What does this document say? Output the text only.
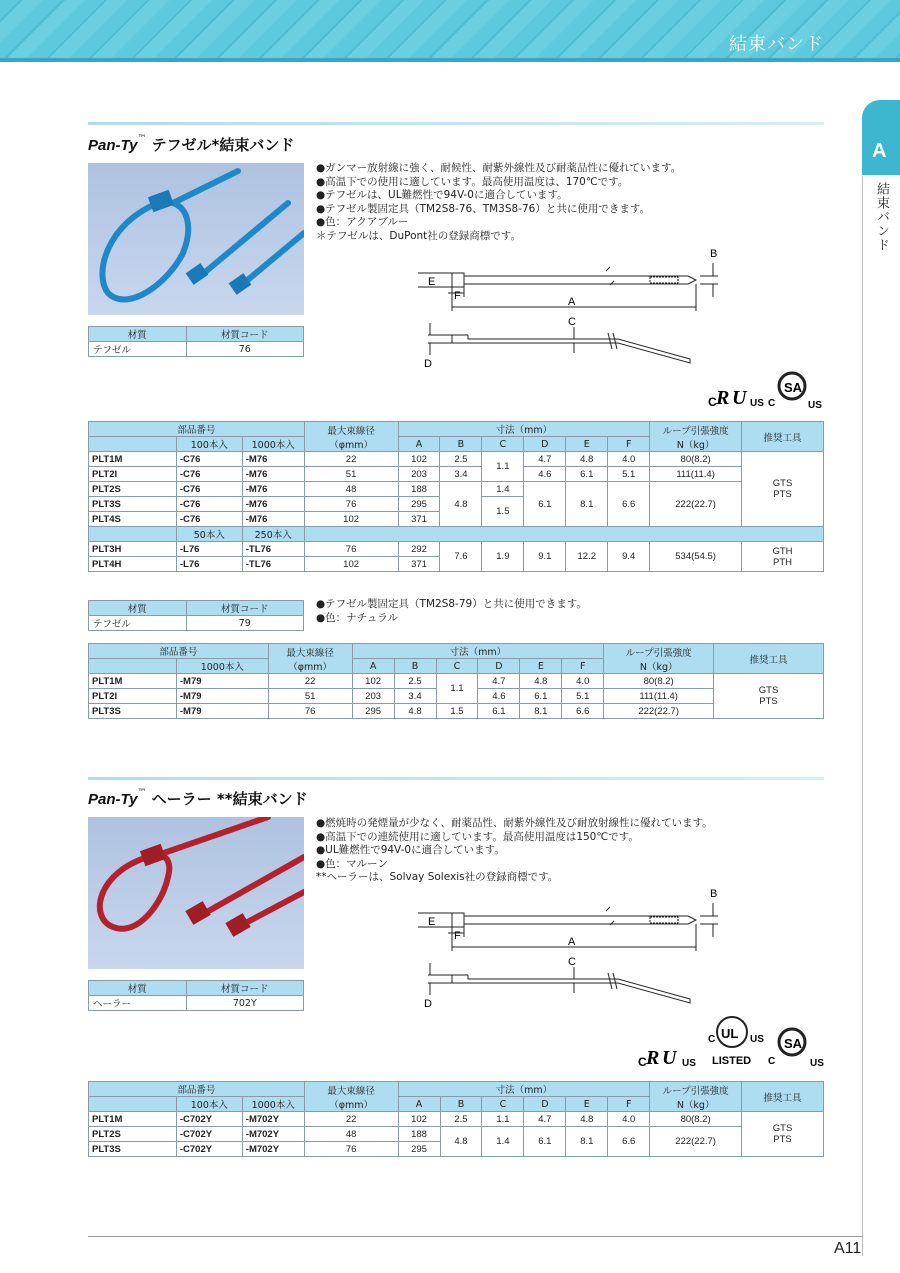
結束バンド
A
結束バンド
Pan-Ty™ テフゼル*結束バンド
●ガンマー放射線に強く、耐候性、耐紫外線性及び耐薬品性に優れています。
●高温下での使用に適しています。最高使用温度は、170℃です。
●テフゼルは、UL難燃性で94V-0に適合しています。
●テフゼル製固定具（TM2S8-76、TM3S8-76）と共に使用できます。
●色：アクアブルー
＊テフゼルは、DuPont社の登録商標です。
E
F
B
A
C
D
C R U US
SA
C	US
材質	材質コード
テフゼル	76
部品番号			最大束線径
（φmm）	寸法（mm）						ループ引張強度
N（kg）	推奨工具
	100本入	1000本入		A	B	C	D	E	F		
PLT1M	-C76	-M76	22	102	2.5	1.1	4.7	4.8	4.0	80(8.2)	GTS
PTS
PLT2I	-C76	-M76	51	203	3.4		4.6	6.1	5.1	111(11.4)	
PLT2S	-C76	-M76	48	188	4.8	1.4	6.1	8.1	6.6	222(22.7)	
PLT3S	-C76	-M76	76	295		1.5					
PLT4S	-C76	-M76	102	371							
	50本入	250本入									
PLT3H	-L76	-TL76	76	292	7.6	1.9	9.1	12.2	9.4	534(54.5)	GTH
PTH
PLT4H	-L76	-TL76	102	371							
材質	材質コード
テフゼル	79
●テフゼル製固定具（TM2S8-79）と共に使用できます。
●色：ナチュラル
部品番号		最大束線径
（φmm）	寸法（mm）						ループ引張強度
N（kg）	推奨工具
	1000本入		A	B	C	D	E	F		
PLT1M	-M79	22	102	2.5	1.1	4.7	4.8	4.0	80(8.2)	GTS
PTS
PLT2I	-M79	51	203	3.4		4.6	6.1	5.1	111(11.4)	
PLT3S	-M79	76	295	4.8	1.5	6.1	8.1	6.6	222(22.7)	
Pan-Ty™ ヘーラー **結束バンド
●燃焼時の発煙量が少なく、耐薬品性、耐紫外線性及び耐放射線性に優れています。
●高温下での連続使用に適しています。最高使用温度は150℃です。
●UL難燃性で94V-0に適合しています。
●色：マルーン
**ヘーラーは、Solvay Solexis社の登録商標です。
E
F
B
A
C
D
C R U US
UL
C	US
LISTED
SA
C	US
材質	材質コード
ヘーラー	702Y
部品番号			最大束線径
（φmm）	寸法（mm）						ループ引張強度
N（kg）	推奨工具
	100本入	1000本入		A	B	C	D	E	F		
PLT1M	-C702Y	-M702Y	22	102	2.5	1.1	4.7	4.8	4.0	80(8.2)	GTS
PTS
PLT2S	-C702Y	-M702Y	48	188	4.8	1.4	6.1	8.1	6.6	222(22.7)	
PLT3S	-C702Y	-M702Y	76	295							
A11
